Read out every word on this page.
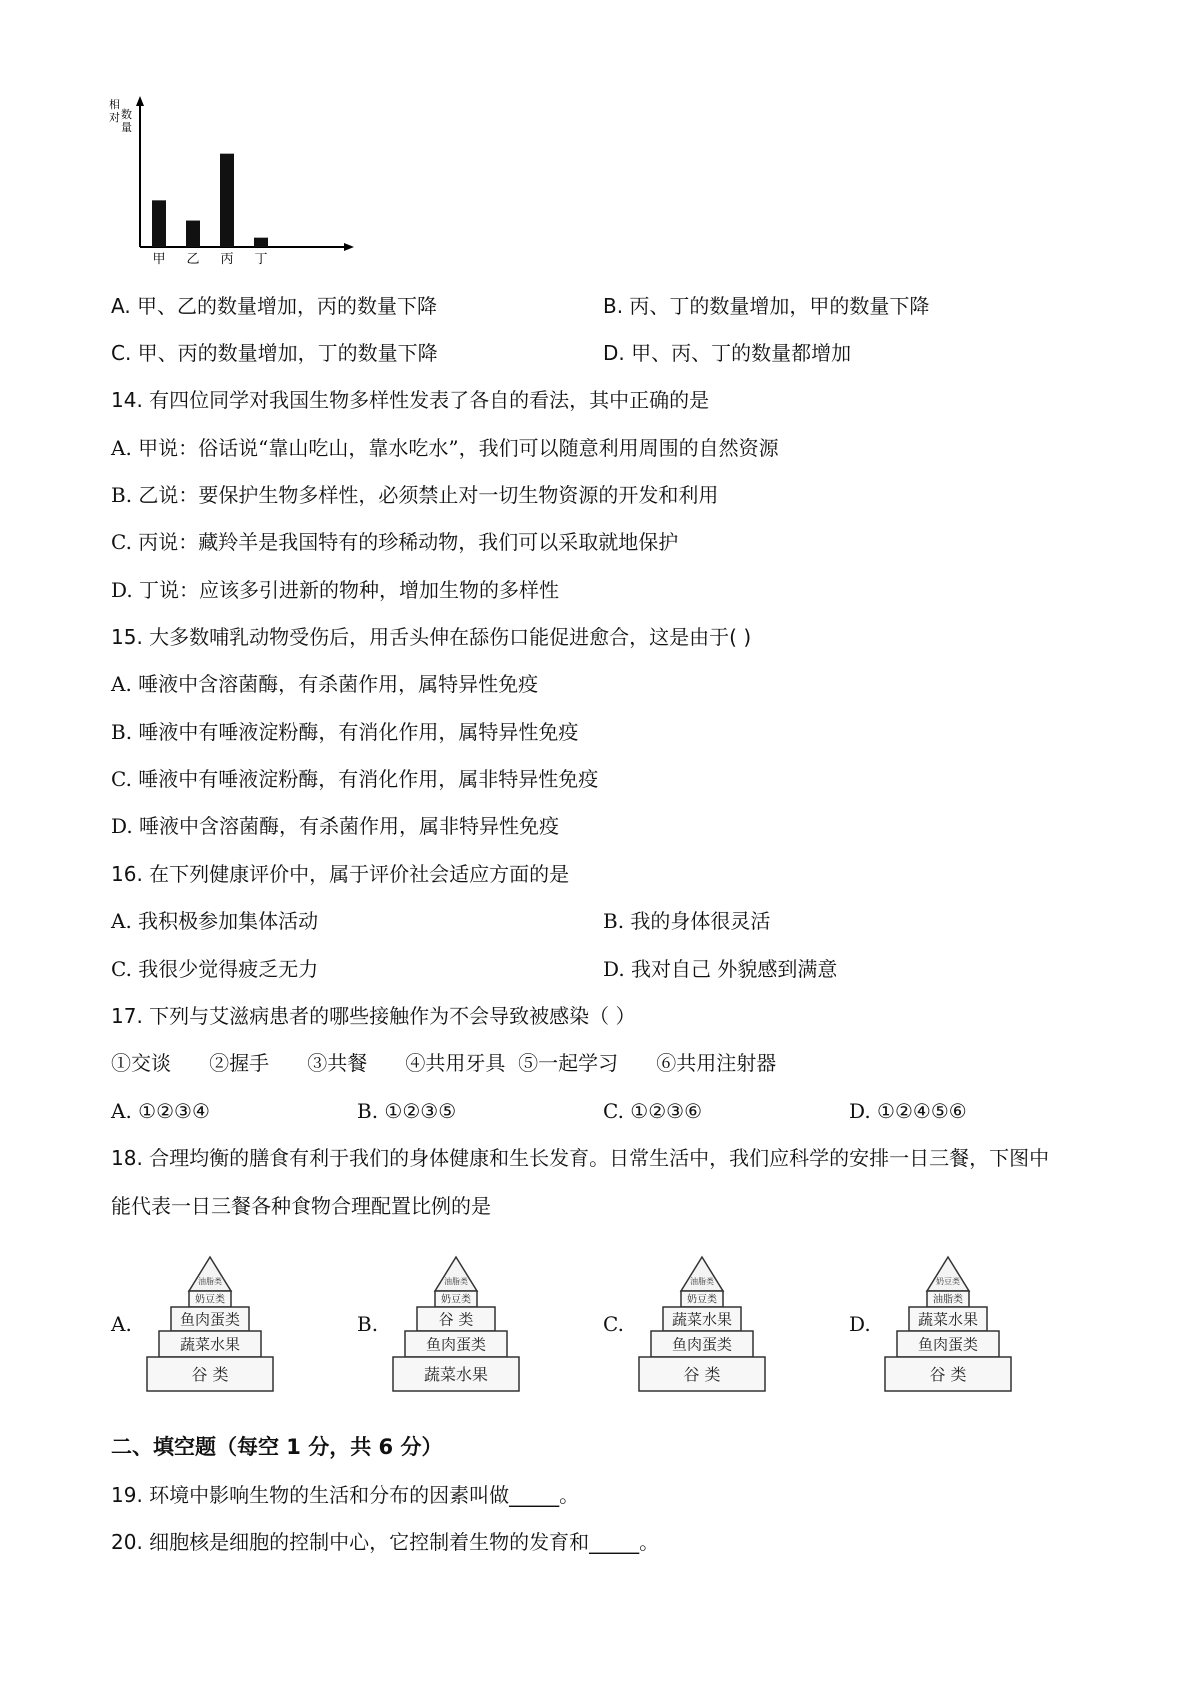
相对数量
甲 乙 丙 丁
A. 甲、乙的数量增加，丙的数量下降	B. 丙、丁的数量增加，甲的数量下降
C. 甲、丙的数量增加，丁的数量下降	D. 甲、丙、丁的数量都增加
14. 有四位同学对我国生物多样性发表了各自的看法，其中正确的是
A. 甲说：俗话说“靠山吃山，靠水吃水”，我们可以随意利用周围的自然资源
B. 乙说：要保护生物多样性，必须禁止对一切生物资源的开发和利用
C. 丙说：藏羚羊是我国特有的珍稀动物，我们可以采取就地保护
D. 丁说：应该多引进新的物种，增加生物的多样性
15. 大多数哺乳动物受伤后，用舌头伸在舔伤口能促进愈合，这是由于( )
A. 唾液中含溶菌酶，有杀菌作用，属特异性免疫
B. 唾液中有唾液淀粉酶，有消化作用，属特异性免疫
C. 唾液中有唾液淀粉酶，有消化作用，属非特异性免疫
D. 唾液中含溶菌酶，有杀菌作用，属非特异性免疫
16. 在下列健康评价中，属于评价社会适应方面的是
A. 我积极参加集体活动	B. 我的身体很灵活
C. 我很少觉得疲乏无力	D. 我对自己 外貌感到满意
17. 下列与艾滋病患者的哪些接触作为不会导致被感染（ ）
①交谈      ②握手      ③共餐      ④共用牙具  ⑤一起学习      ⑥共用注射器
A. ①②③④	B. ①②③⑤	C. ①②③⑥	D. ①②④⑤⑥
18. 合理均衡的膳食有利于我们的身体健康和生长发育。日常生活中，我们应科学的安排一日三餐，下图中
能代表一日三餐各种食物合理配置比例的是
A.
油脂类
奶豆类
鱼肉蛋类
蔬菜水果
谷 类
B.
油脂类
奶豆类
谷 类
鱼肉蛋类
蔬菜水果
C.
油脂类
奶豆类
蔬菜水果
鱼肉蛋类
谷 类
D.
奶豆类
油脂类
蔬菜水果
鱼肉蛋类
谷 类
二、填空题（每空 1 分，共 6 分）
19. 环境中影响生物的生活和分布的因素叫做_____。
20. 细胞核是细胞的控制中心，它控制着生物的发育和_____。
